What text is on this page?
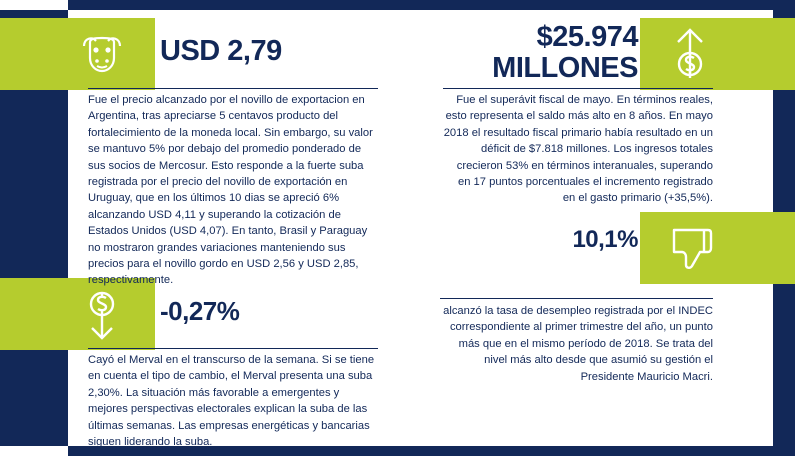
USD 2,79	$25.974
MILLONES
-0,27%
10,1%
Fue el precio alcanzado por el novillo de exportacion en Argentina, tras apreciarse 5 centavos producto del fortalecimiento de la moneda local. Sin embargo, su valor se mantuvo 5% por debajo del promedio ponderado de sus socios de Mercosur. Esto responde a la fuerte suba registrada por el precio del novillo de exportación en Uruguay, que en los últimos 10 dias se apreció 6% alcanzando USD 4,11 y superando la cotización de Estados Unidos (USD 4,07). En tanto, Brasil y Paraguay no mostraron grandes variaciones manteniendo sus precios para el novillo gordo en USD 2,56 y USD 2,85, respectivamente.
Fue el superávit fiscal de mayo. En términos reales, esto representa el saldo más alto en 8 años. En mayo 2018 el resultado fiscal primario había resultado en un déficit de $7.818 millones. Los ingresos totales crecieron 53% en términos interanuales, superando en 17 puntos porcentuales el incremento registrado en el gasto primario (+35,5%).
Cayó el Merval en el transcurso de la semana. Si se tiene en cuenta el tipo de cambio, el Merval presenta una suba 2,30%. La situación más favorable a emergentes y mejores perspectivas electorales explican la suba de las últimas semanas. Las empresas energéticas y bancarias siguen liderando la suba.
alcanzó la tasa de desempleo registrada por el INDEC correspondiente al primer trimestre del año, un punto más que en el mismo período de 2018. Se trata del nivel más alto desde que asumió su gestión el Presidente Mauricio Macri.
